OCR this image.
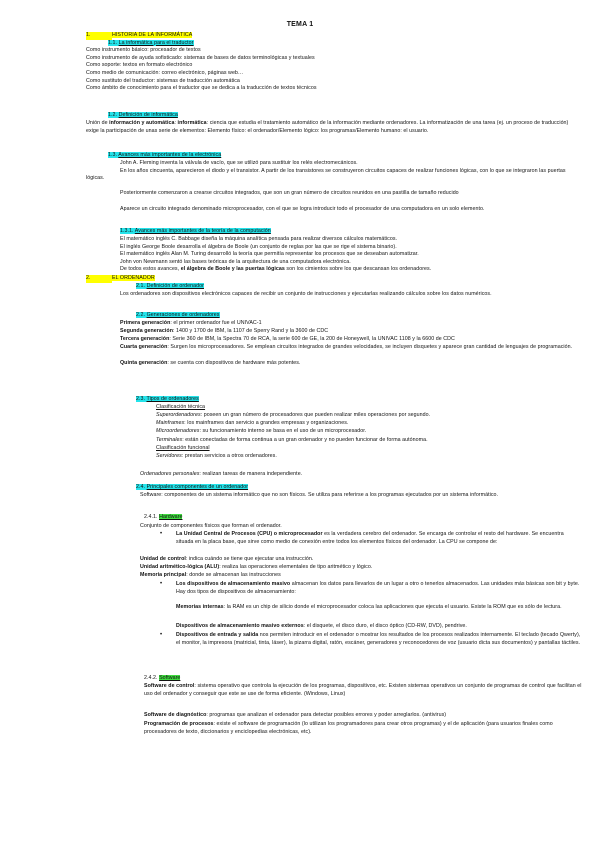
TEMA 1
1.	HISTORIA DE LA INFORMÁTICA
1.1. La informática para el traductor
Como instrumento básico: procesador de textos
Como instrumento de ayuda sofisticado: sistemas de bases de datos terminológicas y textuales
Como soporte: textos en formato electrónico
Como medio de comunicación: correo electrónico, páginas web…
Como sustituto del traductor: sistemas de traducción automática
Como ámbito de conocimiento para el traductor que se dedica a la traducción de textos técnicos
1.2. Definición de informática
Unión de información y automática: informática: ciencia que estudia el tratamiento automático de la información mediante ordenadores. La informatización de una tarea (ej. un proceso de traducción) exige la participación de unas serie de elementos: Elemento físico: el ordenador/Elemento lógico: los programas/Elemento humano: el usuario.
1.3. Avances más importantes de la electrónica
John A. Fleming inventa la válvula de vacío, que se utilizó para sustituir los relés electromecánicos.
En los años cincuenta, aparecieron el diodo y el transistor. A partir de los transistores se construyeron circuitos capaces de realizar funciones lógicas, con lo que se integraron las puertas lógicas.
Posteriormente comenzaron a crearse circuitos integrados, que son un gran número de circuitos reunidos en una pastilla de tamaño reducido
Aparece un circuito integrado denominado microprocesador, con el que se logra introducir todo el procesador de una computadora en un solo elemento.
1.3.1. Avances más importantes de la teoría de la computación
El matemático inglés C. Babbage diseña la máquina analítica pensada para realizar diversos cálculos matemáticos.
El inglés George Boole desarrolla el álgebra de Boole (un conjunto de reglas por las que se rige el sistema binario).
El matemático inglés Alan M. Turing desarrolló la teoría que permitía representar los procesos que se deseaban automatizar.
John von Newmann sentó las bases teóricas de la arquitectura de una computadora electrónica.
De todos estos avances, el álgebra de Boole y las puertas lógicas son los cimientos sobre los que descansan los ordenadores.
2.	EL ORDENADOR
2.1. Definición de ordenador
Los ordenadores son dispositivos electrónicos capaces de recibir un conjunto de instrucciones y ejecutarlas realizando cálculos sobre los datos numéricos.
2.2. Generaciones de ordenadores
Primera generación: el primer ordenador fue el UNIVAC-1
Segunda generación: 1400 y 1700 de IBM, la 1107 de Sperry Rand y la 3600 de CDC
Tercera generación: Serie 360 de IBM, la Spectra 70 de RCA, la serie 600 de GE, la 200 de Honeywell, la UNIVAC 1108 y la 6600 de CDC
Cuarta generación: Surgen los microprocesadores. Se emplean circuitos integrados de grandes velocidades, se incluyen disquetes y aparece gran cantidad de lenguajes de programación.
Quinta generación: se cuenta con dispositivos de hardware más potentes.
2.3. Tipos de ordenadores
Clasificación técnica
Superordenadores: poseen un gran número de procesadores que pueden realizar miles operaciones por segundo.
Mainframes: los mainframes dan servicio a grandes empresas y organizaciones.
Microordenadores: su funcionamiento interno se basa en el uso de un microprocesador.
Terminales: están conectadas de forma continua a un gran ordenador y no pueden funcionar de forma autónoma.
Clasificación funcional
Servidores: prestan servicios a otros ordenadores.
Ordenadores personales: realizan tareas de manera independiente.
2.4. Principales componentes de un ordenador
Software: componentes de un sistema informático que no son físicos. Se utiliza para referirse a los programas ejecutados por un sistema informático.
2.4.1. Hardware
Conjunto de componentes físicos que forman el ordenador.
•	La Unidad Central de Procesos (CPU) o microprocesador es la verdadera cerebro del ordenador. Se encarga de controlar el resto del hardware. Se encuentra situada en la placa base, que sirve como medio de conexión entre todos los elementos físicos del ordenador. La CPU se compone de:
Unidad de control: indica cuándo se tiene que ejecutar una instrucción.
Unidad aritmético-lógica (ALU): realiza las operaciones elementales de tipo aritmético y lógico.
Memoria principal: donde se almacenan las instrucciones
•	Los dispositivos de almacenamiento masivo almacenan los datos para llevarlos de un lugar a otro o tenerlos almacenados. Las unidades más básicas son bit y byte. Hay dos tipos de dispositivos de almacenamiento:
Memorias internas: la RAM es un chip de silicio donde el microprocesador coloca las aplicaciones que ejecuta el usuario. Existe la ROM que es sólo de lectura.
Dispositivos de almacenamiento masivo externos: el disquete, el disco duro, el disco óptico (CD-RW, DVD), pendrive.
•	Dispositivos de entrada y salida nos permiten introducir en el ordenador o mostrar los resultados de los procesos realizados internamente. El teclado (tecado Qwerty), el monitor, la impresora (matricial, tinta, láser), la pizarra digital, ratón, escáner, generadores y reconocedores de voz (usuario dicta sus documentos) y pantallas táctiles.
2.4.2. Software
Software de control: sistema operativo que controla la ejecución de los programas, dispositivos, etc. Existen sistemas operativos un conjunto de programas de control que facilitan el uso del ordenador y conseguir que este se use de forma eficiente. (Windows, Linux)
Software de diagnóstico: programas que analizan el ordenador para detectar posibles errores y poder arreglarlos. (antivirus)
Programación de procesos: existe el software de programación (lo utilizan los programadores para crear otros programas) y el de aplicación (para usuarios finales como procesadores de texto, diccionarios y enciclopedias electrónicas, etc).
